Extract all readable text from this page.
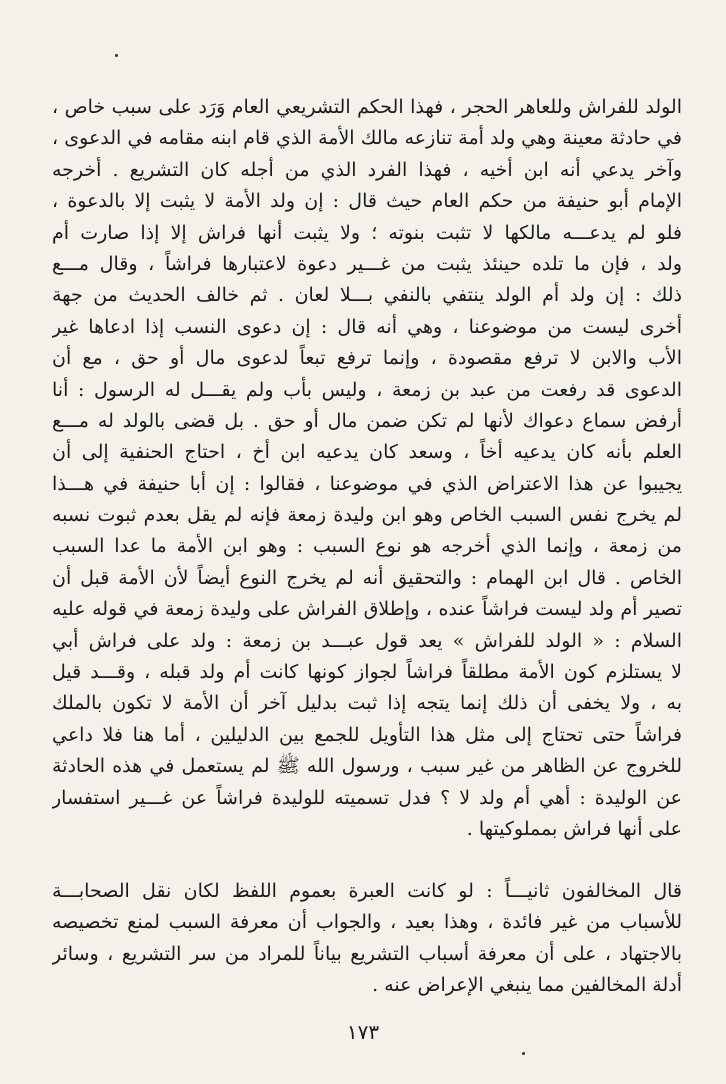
الولد للفراش وللعاهر الحجر ، فهذا الحكم التشريعي العام وَرَد على سبب خاص ،
في حادثة معينة وهي ولد أمة تنازعه مالك الأمة الذي قام ابنه مقامه في الدعوى ،
وآخر يدعي أنه ابن أخيه ، فهذا الفرد الذي من أجله كان التشريع . أخرجه
الإمام أبو حنيفة من حكم العام حيث قال : إن ولد الأمة لا يثبت إلا بالدعوة ،
فلو لم يدعـــه مالكها لا تثبت بنوته ؛ ولا يثبت أنها فراش إلا إذا صارت أم
ولد ، فإن ما تلده حينئذ يثبت من غـــير دعوة لاعتبارها فراشاً ، وقال مـــع
ذلك : إن ولد أم الولد ينتفي بالنفي بـــلا لعان . ثم خالف الحديث من جهة
أخرى ليست من موضوعنا ، وهي أنه قال : إن دعوى النسب إذا ادعاها غير
الأب والابن لا ترفع مقصودة ، وإنما ترفع تبعاً لدعوى مال أو حق ، مع أن
الدعوى قد رفعت من عبد بن زمعة ، وليس بأب ولم يقـــل له الرسول : أنا
أرفض سماع دعواك لأنها لم تكن ضمن مال أو حق . بل قضى بالولد له مـــع
العلم بأنه كان يدعيه أخاً ، وسعد كان يدعيه ابن أخ ، احتاج الحنفية إلى أن
يجيبوا عن هذا الاعتراض الذي في موضوعنا ، فقالوا : إن أبا حنيفة في هـــذا
لم يخرج نفس السبب الخاص وهو ابن وليدة زمعة فإنه لم يقل بعدم ثبوت نسبه
من زمعة ، وإنما الذي أخرجه هو نوع السبب : وهو ابن الأمة ما عدا السبب
الخاص . قال ابن الهمام : والتحقيق أنه لم يخرج النوع أيضاً لأن الأمة قبل أن
تصير أم ولد ليست فراشاً عنده ، وإطلاق الفراش على وليدة زمعة في قوله عليه
السلام : « الولد للفراش » يعد قول عبـــد بن زمعة : ولد على فراش أبي
لا يستلزم كون الأمة مطلقاً فراشاً لجواز كونها كانت أم ولد قبله ، وقـــد قيل
به ، ولا يخفى أن ذلك إنما يتجه إذا ثبت بدليل آخر أن الأمة لا تكون بالملك
فراشاً حتى تحتاج إلى مثل هذا التأويل للجمع بين الدليلين ، أما هنا فلا داعي
للخروج عن الظاهر من غير سبب ، ورسول الله ﷺ لم يستعمل في هذه الحادثة
عن الوليدة : أهي أم ولد لا ؟ فدل تسميته للوليدة فراشاً عن غـــير استفسار
على أنها فراش بمملوكيتها .
قال المخالفون ثانيـــاً : لو كانت العبرة بعموم اللفظ لكان نقل الصحابـــة
للأسباب من غير فائدة ، وهذا بعيد ، والجواب أن معرفة السبب لمنع تخصيصه
بالاجتهاد ، على أن معرفة أسباب التشريع بياناً للمراد من سر التشريع ، وسائر
أدلة المخالفين مما ينبغي الإعراض عنه .
١٧٣
